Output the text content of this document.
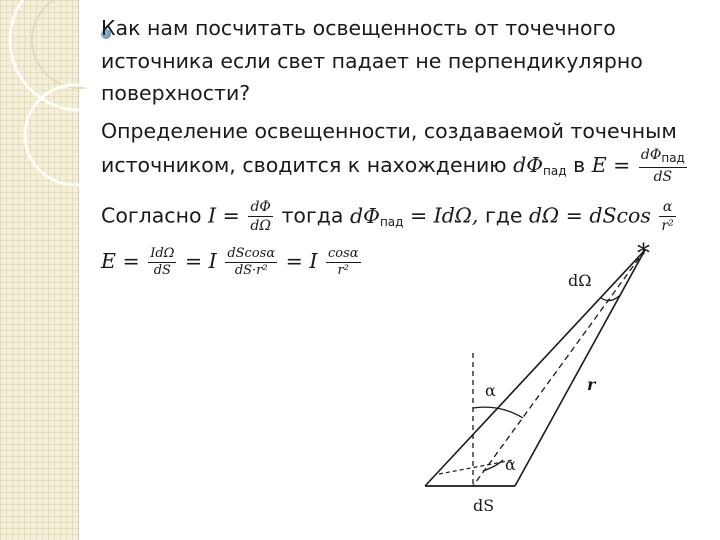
Как нам посчитать освещенность от точечного
источника если свет падает не перпендикулярно
поверхности?
Определение освещенности, создаваемой точечным
источником, сводится к нахождению $d\Phi_{пад}$ в $E = \frac{\text{dΦпад}}{dS}$
Согласно $I = \frac{d\Phi}{d\Omega}$ тогда $d\Phi_{пад} = Id\Omega$, где dΩ = dScos $\frac{\alpha}{\text{r²}}$
$E = \frac{\text{IdΩ}}{dS} = I \frac{dScos\alpha}{\text{dS·r²}} = I \frac{\cos\alpha}{\text{r²}}$	*
dΩ
α
α
r
dS
